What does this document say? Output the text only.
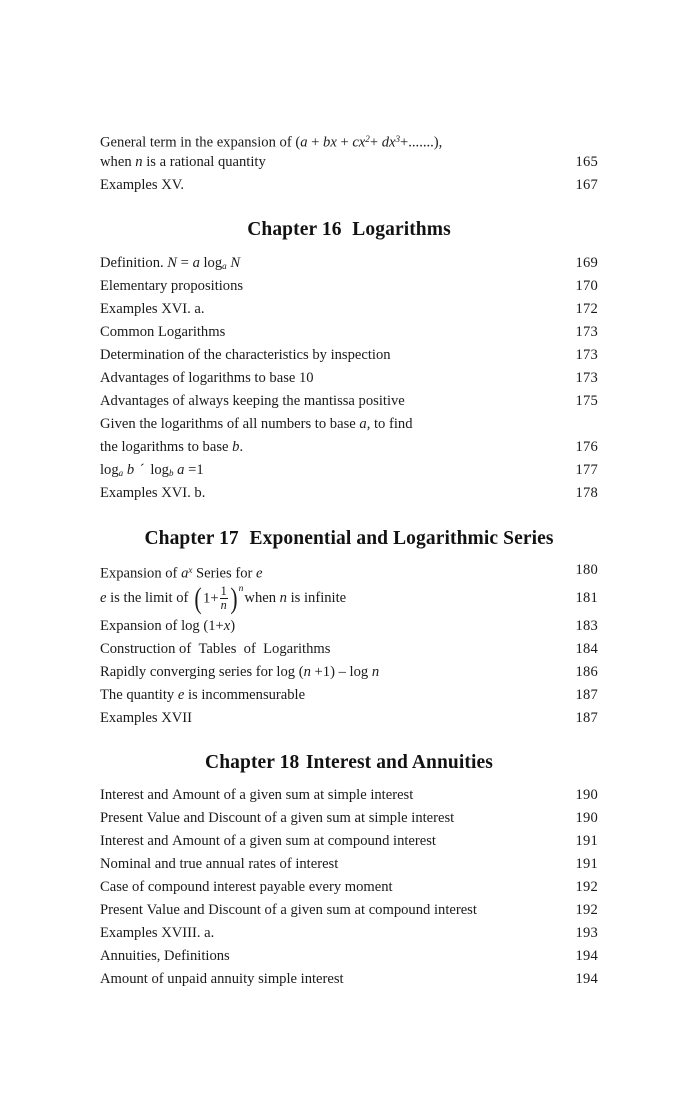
General term in the expansion of (a + bx + $cx^2+ dx^3+$.......),
when n is a rational quantity	165
Examples XV.	167
Chapter 16 Logarithms
Definition. N = a $\log_a N$	169
Elementary propositions	170
Examples XVI. a.	172
Common Logarithms	173
Determination of the characteristics by inspection	173
Advantages of logarithms to base 10	173
Advantages of always keeping the mantissa positive	175
Given the logarithms of all numbers to base a, to find
the logarithms to base b.	176
$\log_a b$ ´ $\log_b a =1$	177
Examples XVI. b.	178
Chapter 17 Exponential and Logarithmic Series
Expansion of $a^x$ Series for e	180
e is the limit of ($1+ \frac{1}{n}$ )$^nwhen$ n is infinite	181
Expansion of log (1+x)	183
Construction of  Tables  of  Logarithms	184
Rapidly converging series for log (n +1) – log n	186
The quantity e is incommensurable	187
Examples XVII	187
Chapter 18 Interest and Annuities
Interest and Amount of a given sum at simple interest	190
Present Value and Discount of a given sum at simple interest	190
Interest and Amount of a given sum at compound interest	191
Nominal and true annual rates of interest	191
Case of compound interest payable every moment	192
Present Value and Discount of a given sum at compound interest	192
Examples XVIII. a.	193
Annuities, Definitions	194
Amount of unpaid annuity simple interest	194
